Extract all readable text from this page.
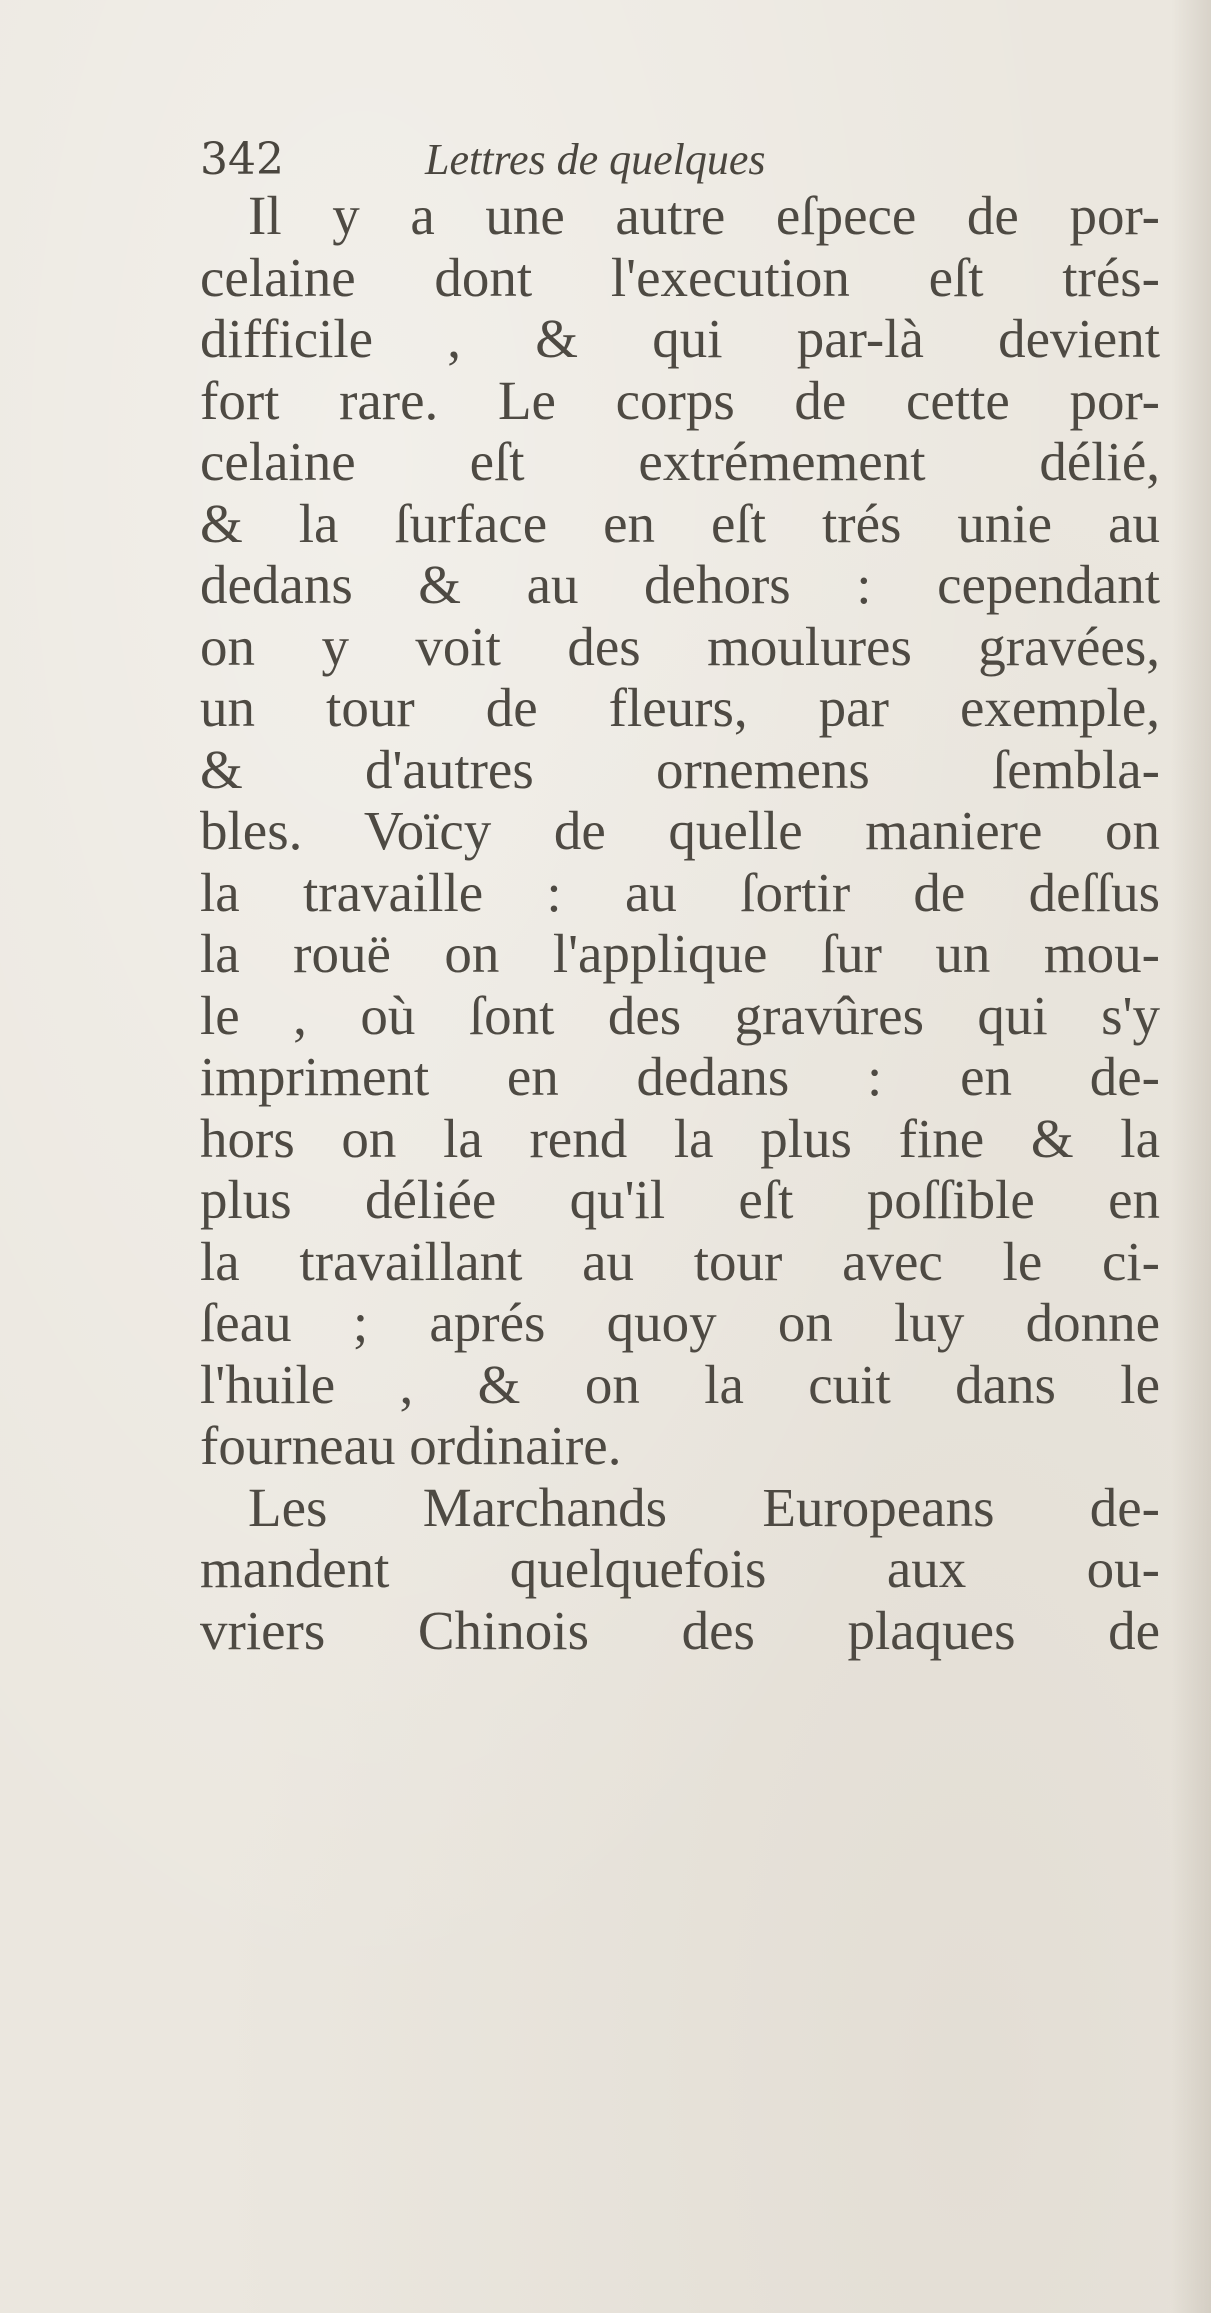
342	Lettres de quelques
Il y a une autre eſpece de por-
celaine dont l'execution eſt trés-
difficile , & qui par-là devient
fort rare. Le corps de cette por-
celaine eſt extrémement délié,
& la ſurface en eſt trés unie au
dedans & au dehors : cependant
on y voit des moulures gravées,
un tour de fleurs, par exemple,
& d'autres ornemens ſembla-
bles. Voïcy de quelle maniere on
la travaille : au ſortir de deſſus
la rouë on l'applique ſur un mou-
le , où ſont des gravûres qui s'y
impriment en dedans : en de-
hors on la rend la plus fine & la
plus déliée qu'il eſt poſſible en
la travaillant au tour avec le ci-
ſeau ; aprés quoy on luy donne
l'huile , & on la cuit dans le
fourneau ordinaire.
Les Marchands Europeans de-
mandent quelquefois aux ou-
vriers Chinois des plaques de
